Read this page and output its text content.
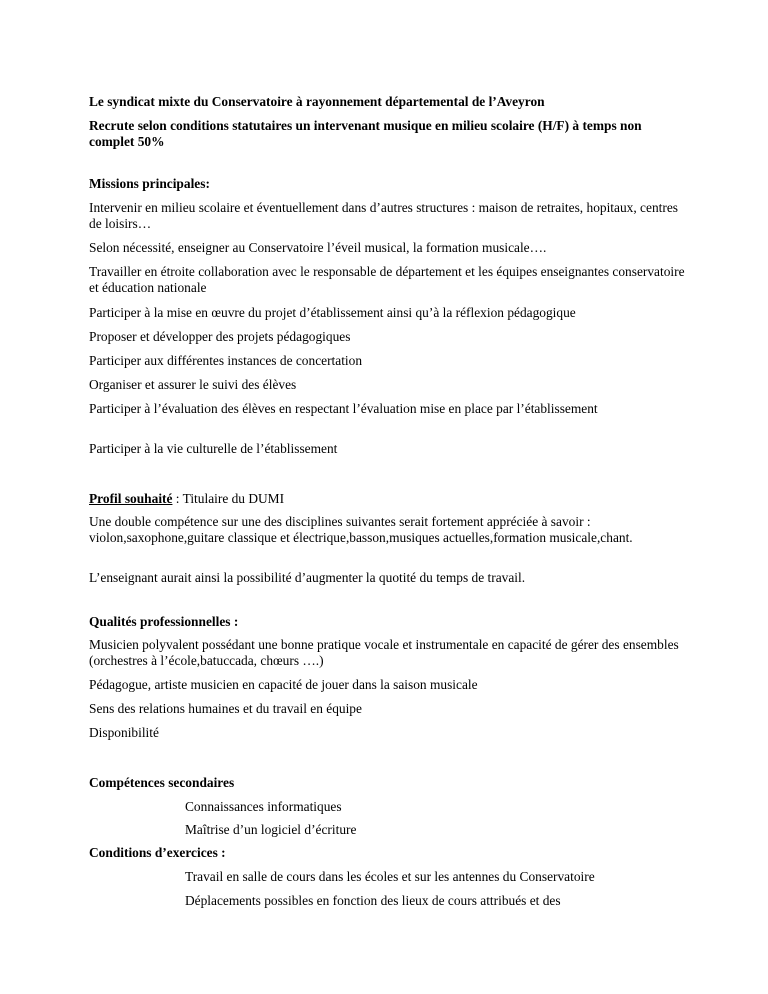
Le syndicat mixte du Conservatoire à rayonnement départemental de l’Aveyron

Recrute selon conditions statutaires un intervenant musique en milieu scolaire (H/F) à temps non complet 50%

Missions principales:

Intervenir en milieu scolaire et éventuellement dans d’autres structures : maison de retraites, hopitaux, centres de loisirs…

Selon nécessité, enseigner au Conservatoire l’éveil musical, la formation musicale….

Travailler en étroite collaboration avec le responsable de département et les équipes enseignantes conservatoire et éducation nationale

Participer à la mise en œuvre du projet d’établissement ainsi qu’à la réflexion pédagogique

Proposer et développer des projets pédagogiques

Participer aux différentes instances de concertation

Organiser et assurer le suivi des élèves

Participer à l’évaluation des élèves en respectant l’évaluation mise en place par l’établissement

Participer à la vie culturelle de l’établissement

Profil souhaité : Titulaire du DUMI

Une double compétence sur une des disciplines suivantes serait fortement appréciée à savoir : violon,saxophone,guitare classique et électrique,basson,musiques actuelles,formation musicale,chant.

L’enseignant aurait ainsi la possibilité d’augmenter la quotité du temps de travail.

Qualités professionnelles :

Musicien polyvalent possédant une bonne pratique vocale et instrumentale en capacité de gérer des ensembles (orchestres à l’école,batuccada, chœurs ….)

Pédagogue, artiste musicien en capacité de jouer dans la saison musicale

Sens des relations humaines et du travail en équipe

Disponibilité

Compétences secondaires

Connaissances informatiques

Maîtrise d’un logiciel d’écriture

Conditions d’exercices :

Travail en salle de cours dans les écoles et sur les antennes du Conservatoire

Déplacements possibles en fonction des lieux de cours attribués et des
